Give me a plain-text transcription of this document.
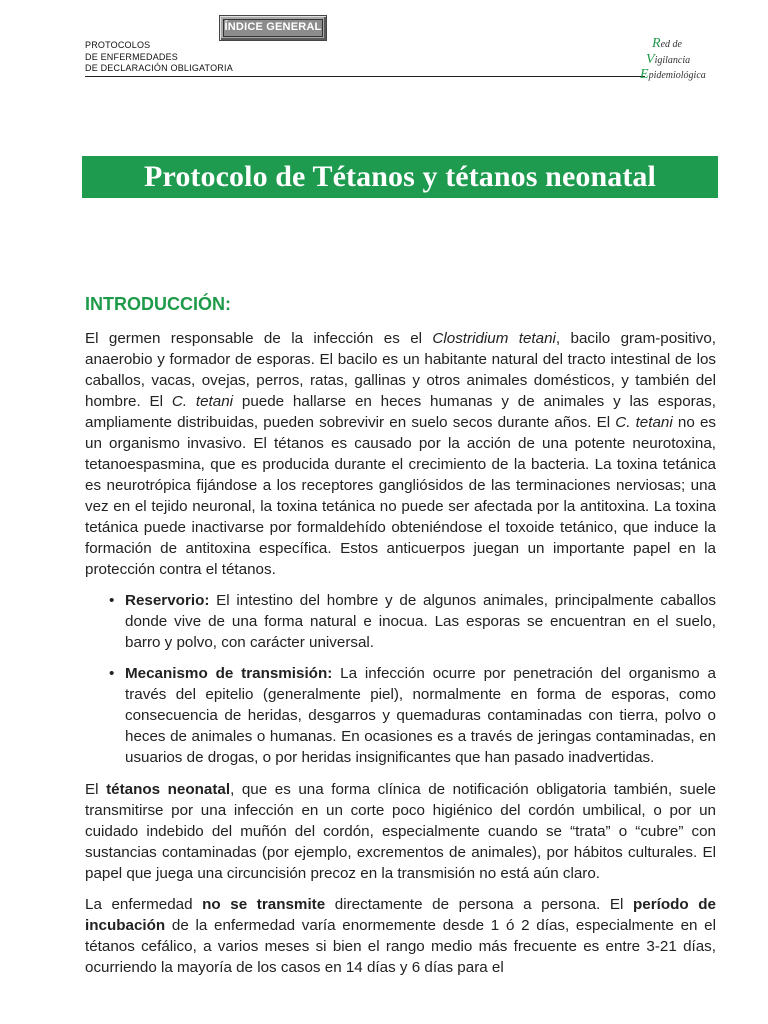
ÍNDICE GENERAL
PROTOCOLOS
DE ENFERMEDADES
DE DECLARACIÓN OBLIGATORIA
Red de
Vigilancia
Epidemiológica
Protocolo de Tétanos y tétanos neonatal
INTRODUCCIÓN:

El germen responsable de la infección es el Clostridium tetani, bacilo gram-positivo, anaerobio y formador de esporas. El bacilo es un habitante natural del tracto intestinal de los caballos, vacas, ovejas, perros, ratas, gallinas y otros animales domésticos, y también del hombre. El C. tetani puede hallarse en heces humanas y de animales y las esporas, ampliamente distribuidas, pueden sobrevivir en suelo secos durante años. El C. tetani no es un organismo invasivo. El tétanos es causado por la acción de una potente neurotoxina, tetanoespasmina, que es producida durante el crecimiento de la bacteria. La toxina tetánica es neurotrópica fijándose a los receptores gangliósidos de las terminaciones nerviosas; una vez en el tejido neuronal, la toxina tetánica no puede ser afectada por la antitoxina. La toxina tetánica puede inactivarse por formaldehído obteniéndose el toxoide tetánico, que induce la formación de antitoxina específica. Estos anticuerpos juegan un importante papel en la protección contra el tétanos.

• Reservorio: El intestino del hombre y de algunos animales, principalmente caballos donde vive de una forma natural e inocua. Las esporas se encuentran en el suelo, barro y polvo, con carácter universal.
• Mecanismo de transmisión: La infección ocurre por penetración del organismo a través del epitelio (generalmente piel), normalmente en forma de esporas, como consecuencia de heridas, desgarros y quemaduras contaminadas con tierra, polvo o heces de animales o humanas. En ocasiones es a través de jeringas contaminadas, en usuarios de drogas, o por heridas insignificantes que han pasado inadvertidas.

El tétanos neonatal, que es una forma clínica de notificación obligatoria también, suele transmitirse por una infección en un corte poco higiénico del cordón umbilical, o por un cuidado indebido del muñón del cordón, especialmente cuando se “trata” o “cubre” con sustancias contaminadas (por ejemplo, excrementos de animales), por hábitos culturales. El papel que juega una circuncisión precoz en la transmisión no está aún claro.

La enfermedad no se transmite directamente de persona a persona. El período de incubación de la enfermedad varía enormemente desde 1 ó 2 días, especialmente en el tétanos cefálico, a varios meses si bien el rango medio más frecuente es entre 3-21 días, ocurriendo la mayoría de los casos en 14 días y 6 días para el
